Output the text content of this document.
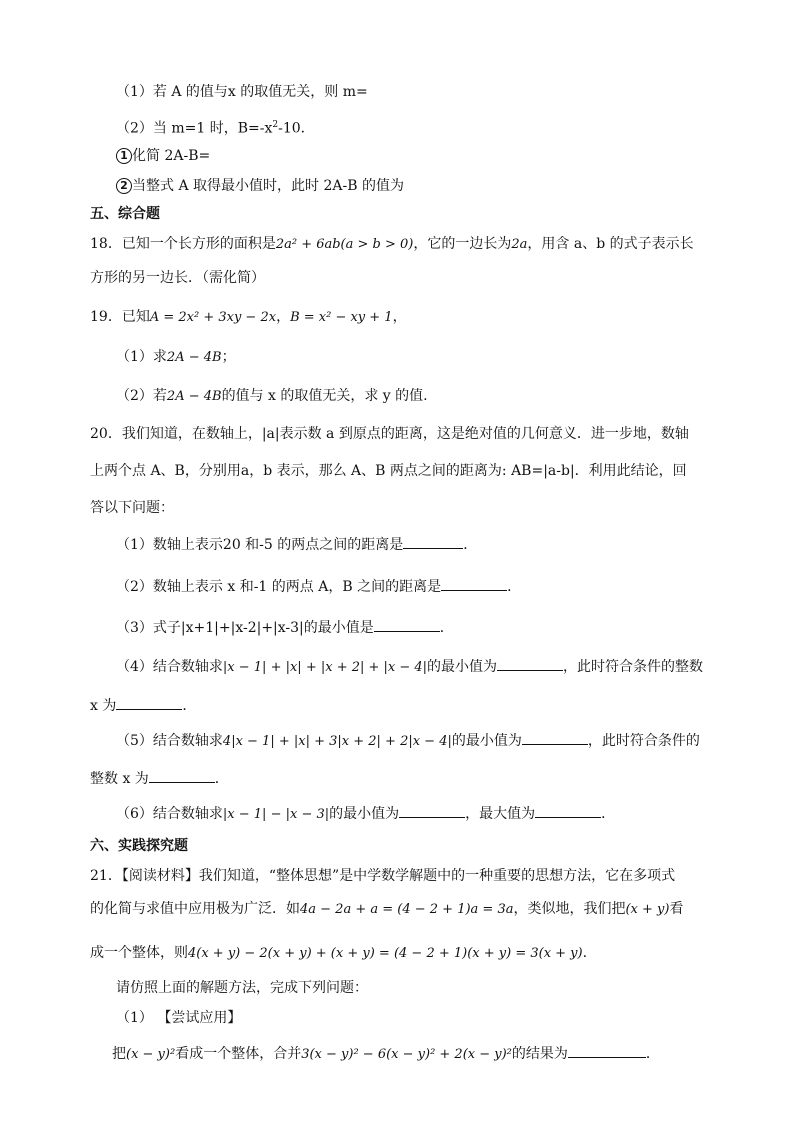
（1）若 A 的值与x 的取值无关，则 m=
（2）当 m=1 时，$B=-x^2-10$．
1 化简 2A-B=
2 当整式 A 取得最小值时，此时 2A-B 的值为
五、综合题
18．已知一个长方形的面积是2a² + 6ab(a > b > 0)，它的一边长为2a，用含 a、b 的式子表示长
方形的另一边长．（需化简）
19．已知A = 2x² + 3xy − 2x，B = x² − xy + 1，
（1）求2A − 4B；
（2）若2A − 4B的值与 x 的取值无关，求 y 的值.
20．我们知道，在数轴上，|a|表示数 a 到原点的距离，这是绝对值的几何意义．进一步地，数轴
上两个点 A、B，分别用a，b 表示，那么 A、B 两点之间的距离为: AB=|a-b|．利用此结论，回
答以下问题：
（1）数轴上表示20 和-5 的两点之间的距离是	．
（2）数轴上表示 x 和-1 的两点 A，B 之间的距离是	．
（3）式子|x+1|+|x-2|+|x-3|的最小值是	．
（4）结合数轴求|x − 1| + |x| + |x + 2| + |x − 4|的最小值为	，此时符合条件的整数
x 为	．
（5）结合数轴求4|x − 1| + |x| + 3|x + 2| + 2|x − 4|的最小值为	，此时符合条件的
整数 x 为	．
（6）结合数轴求|x − 1| − |x − 3|的最小值为	，最大值为	．
六、实践探究题
21．【阅读材料】我们知道，“整体思想”是中学数学解题中的一种重要的思想方法，它在多项式
的化简与求值中应用极为广泛．如4a − 2a + a = (4 − 2 + 1)a = 3a，类似地，我们把(x + y)看
成一个整体，则4(x + y) − 2(x + y) + (x + y) = (4 − 2 + 1)(x + y) = 3(x + y).
请仿照上面的解题方法，完成下列问题：
（1） 【尝试应用】
把(x − y)²看成一个整体，合并3(x − y)² − 6(x − y)² + 2(x − y)²的结果为	．
